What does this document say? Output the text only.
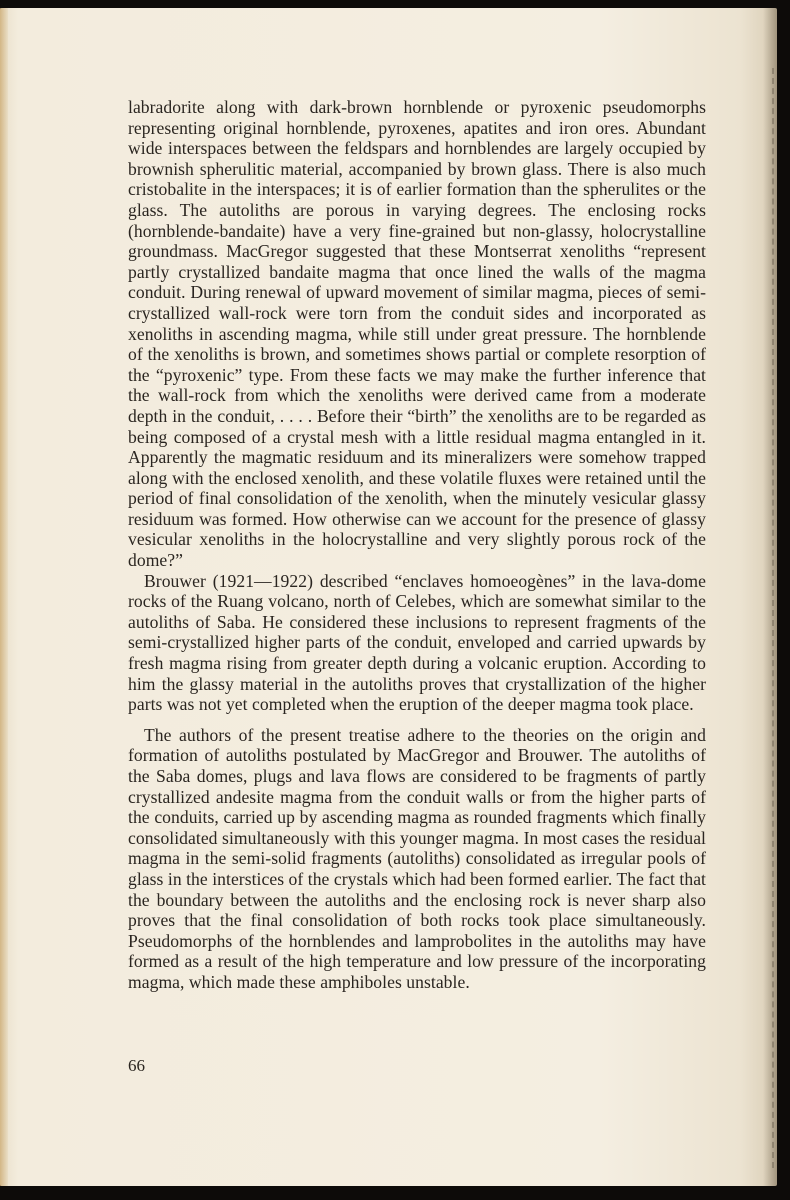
labradorite along with dark-brown hornblende or pyroxenic pseudomorphs representing original hornblende, pyroxenes, apatites and iron ores. Abundant wide interspaces between the feldspars and hornblendes are largely occupied by brownish spherulitic material, accompanied by brown glass. There is also much cristobalite in the interspaces; it is of earlier formation than the spherulites or the glass. The autoliths are porous in varying degrees. The enclosing rocks (hornblende-bandaite) have a very fine-grained but non-glassy, holocrystalline groundmass. MacGregor suggested that these Montserrat xenoliths “represent partly crystallized bandaite magma that once lined the walls of the magma conduit. During renewal of upward movement of similar magma, pieces of semi-crystallized wall-rock were torn from the conduit sides and incorporated as xenoliths in ascending magma, while still under great pressure. The hornblende of the xenoliths is brown, and sometimes shows partial or complete resorption of the “pyroxenic” type. From these facts we may make the further inference that the wall-rock from which the xenoliths were derived came from a moderate depth in the conduit, . . . . Before their “birth” the xenoliths are to be regarded as being composed of a crystal mesh with a little residual magma entangled in it. Apparently the magmatic residuum and its mineralizers were somehow trapped along with the enclosed xenolith, and these volatile fluxes were retained until the period of final consolidation of the xenolith, when the minutely vesicular glassy residuum was formed. How otherwise can we account for the presence of glassy vesicular xenoliths in the holocrystalline and very slightly porous rock of the dome?”

Brouwer (1921—1922) described “enclaves homoeogènes” in the lava-dome rocks of the Ruang volcano, north of Celebes, which are somewhat similar to the autoliths of Saba. He considered these inclusions to represent fragments of the semi-crystallized higher parts of the conduit, enveloped and carried upwards by fresh magma rising from greater depth during a volcanic eruption. According to him the glassy material in the autoliths proves that crystallization of the higher parts was not yet completed when the eruption of the deeper magma took place.

The authors of the present treatise adhere to the theories on the origin and formation of autoliths postulated by MacGregor and Brouwer. The autoliths of the Saba domes, plugs and lava flows are considered to be fragments of partly crystallized andesite magma from the conduit walls or from the higher parts of the conduits, carried up by ascending magma as rounded fragments which finally consolidated simultaneously with this younger magma. In most cases the residual magma in the semi-solid fragments (autoliths) consolidated as irregular pools of glass in the interstices of the crystals which had been formed earlier. The fact that the boundary between the autoliths and the enclosing rock is never sharp also proves that the final consolidation of both rocks took place simultaneously. Pseudomorphs of the hornblendes and lamprobolites in the autoliths may have formed as a result of the high temperature and low pressure of the incorporating magma, which made these amphiboles unstable.

66
